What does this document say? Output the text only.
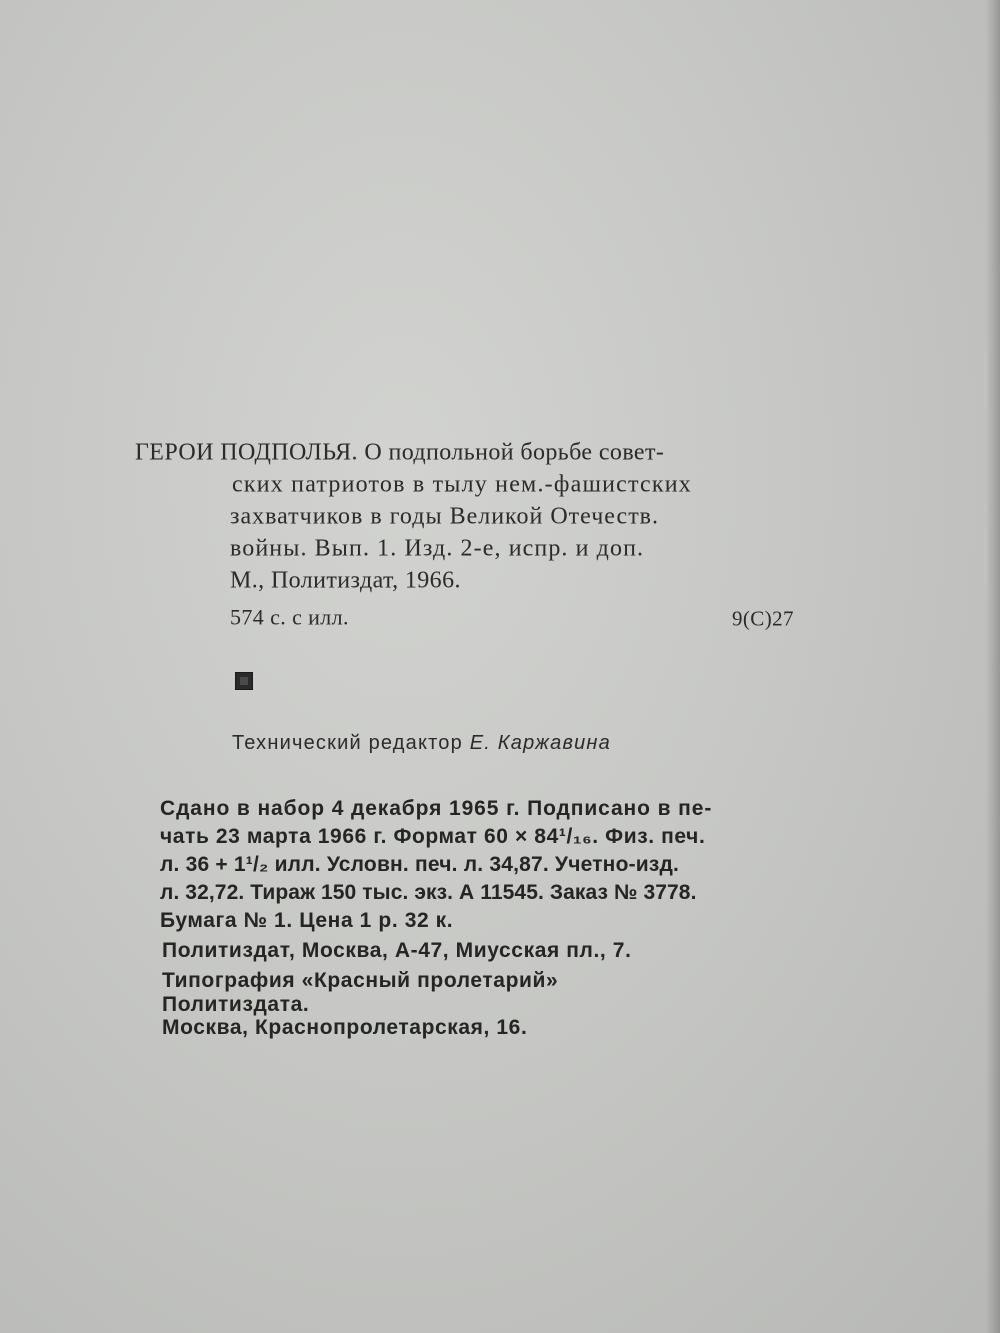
ГЕРОИ ПОДПОЛЬЯ. О подпольной борьбе совет-
ских патриотов в тылу нем.-фашистских
захватчиков в годы Великой Отечеств.
войны. Вып. 1. Изд. 2-е, испр. и доп.
М., Политиздат, 1966.
574 с. с илл.	9(С)27
Технический редактор Е. Каржавина
Сдано в набор 4 декабря 1965 г. Подписано в пе-
чать 23 марта 1966 г. Формат 60 × 84¹/₁₆. Физ. печ.
л. 36 + 1¹/₂ илл. Условн. печ. л. 34,87. Учетно-изд.
л. 32,72. Тираж 150 тыс. экз. А 11545. Заказ № 3778.
Бумага № 1. Цена 1 р. 32 к.
Политиздат, Москва, А-47, Миусская пл., 7.
Типография «Красный пролетарий»
Политиздата.
Москва, Краснопролетарская, 16.
